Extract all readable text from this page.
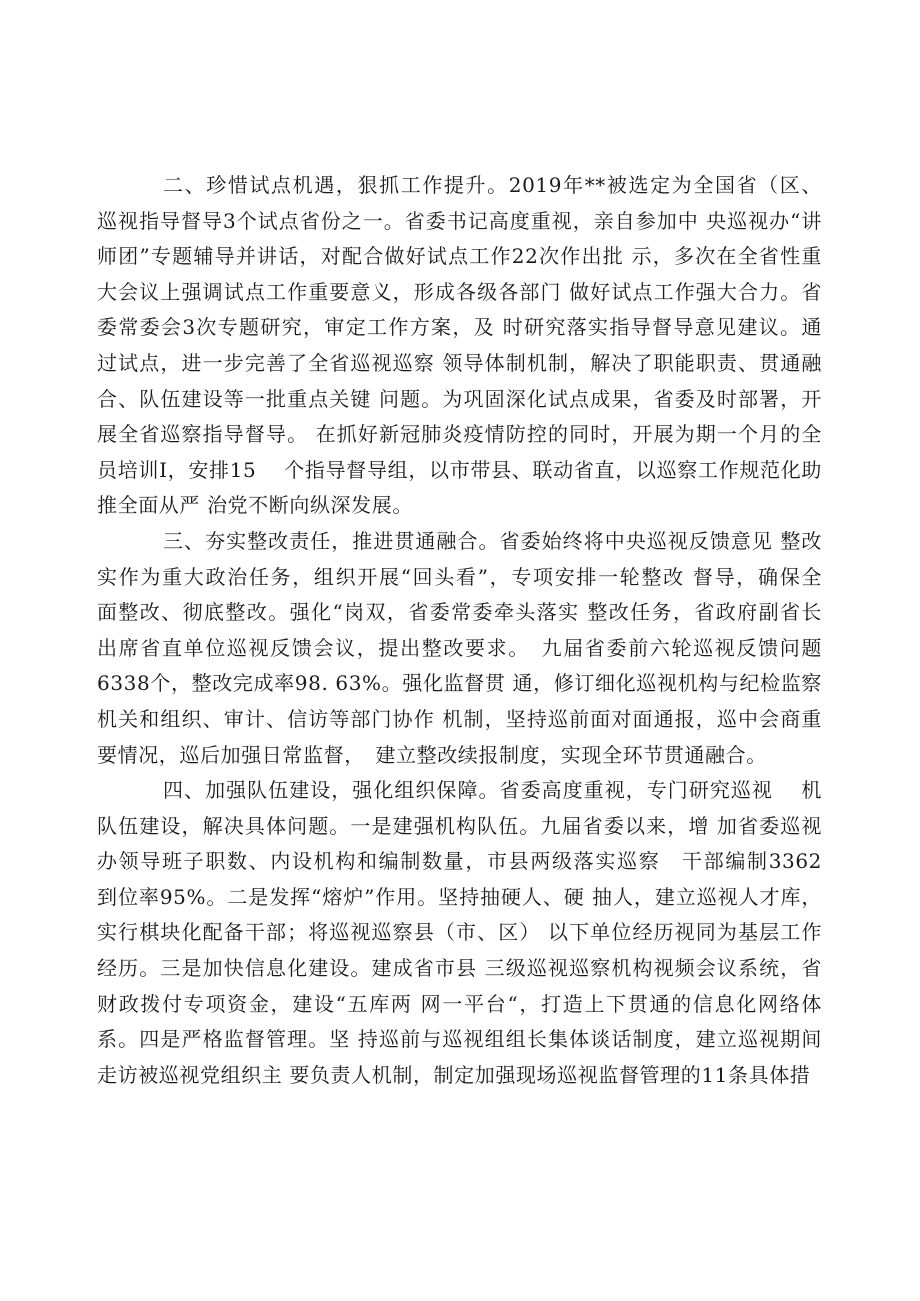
二、珍惜试点机遇，狠抓工作提升。2019年**被选定为全国省（区、
巡视指导督导3个试点省份之一。省委书记高度重视，亲自参加中 央巡视办“讲
师团”专题辅导并讲话，对配合做好试点工作22次作出批 示，多次在全省性重
大会议上强调试点工作重要意义，形成各级各部门 做好试点工作强大合力。省
委常委会3次专题研究，审定工作方案，及 时研究落实指导督导意见建议。通
过试点，进一步完善了全省巡视巡察 领导体制机制，解决了职能职责、贯通融
合、队伍建设等一批重点关键 问题。为巩固深化试点成果，省委及时部署，开
展全省巡察指导督导。 在抓好新冠肺炎疫情防控的同时，开展为期一个月的全
员培训I，安排15　 个指导督导组，以市带县、联动省直，以巡察工作规范化助
推全面从严 治党不断向纵深发展。
三、夯实整改责任，推进贯通融合。省委始终将中央巡视反馈意见 整改
实作为重大政治任务，组织开展“回头看”，专项安排一轮整改 督导，确保全
面整改、彻底整改。强化“岗双，省委常委牵头落实 整改任务，省政府副省长
出席省直单位巡视反馈会议，提出整改要求。　九届省委前六轮巡视反馈问题
6338个，整改完成率98. 63%。强化监督贯 通，修订细化巡视机构与纪检监察
机关和组织、审计、信访等部门协作 机制，坚持巡前面对面通报，巡中会商重
要情况，巡后加强日常监督，　建立整改续报制度，实现全环节贯通融合。
四、加强队伍建设，强化组织保障。省委高度重视，专门研究巡视　 机
队伍建设，解决具体问题。一是建强机构队伍。九届省委以来，增 加省委巡视
办领导班子职数、内设机构和编制数量，市县两级落实巡察　干部编制3362
到位率95%。二是发挥“熔炉”作用。坚持抽硬人、硬 抽人，建立巡视人才库，
实行棋块化配备干部；将巡视巡察县（市、区） 以下单位经历视同为基层工作
经历。三是加快信息化建设。建成省市县 三级巡视巡察机构视频会议系统，省
财政拨付专项资金，建设“五库两 网一平台“，打造上下贯通的信息化网络体
系。四是严格监督管理。坚 持巡前与巡视组组长集体谈话制度，建立巡视期间
走访被巡视党组织主 要负责人机制，制定加强现场巡视监督管理的11条具体措
